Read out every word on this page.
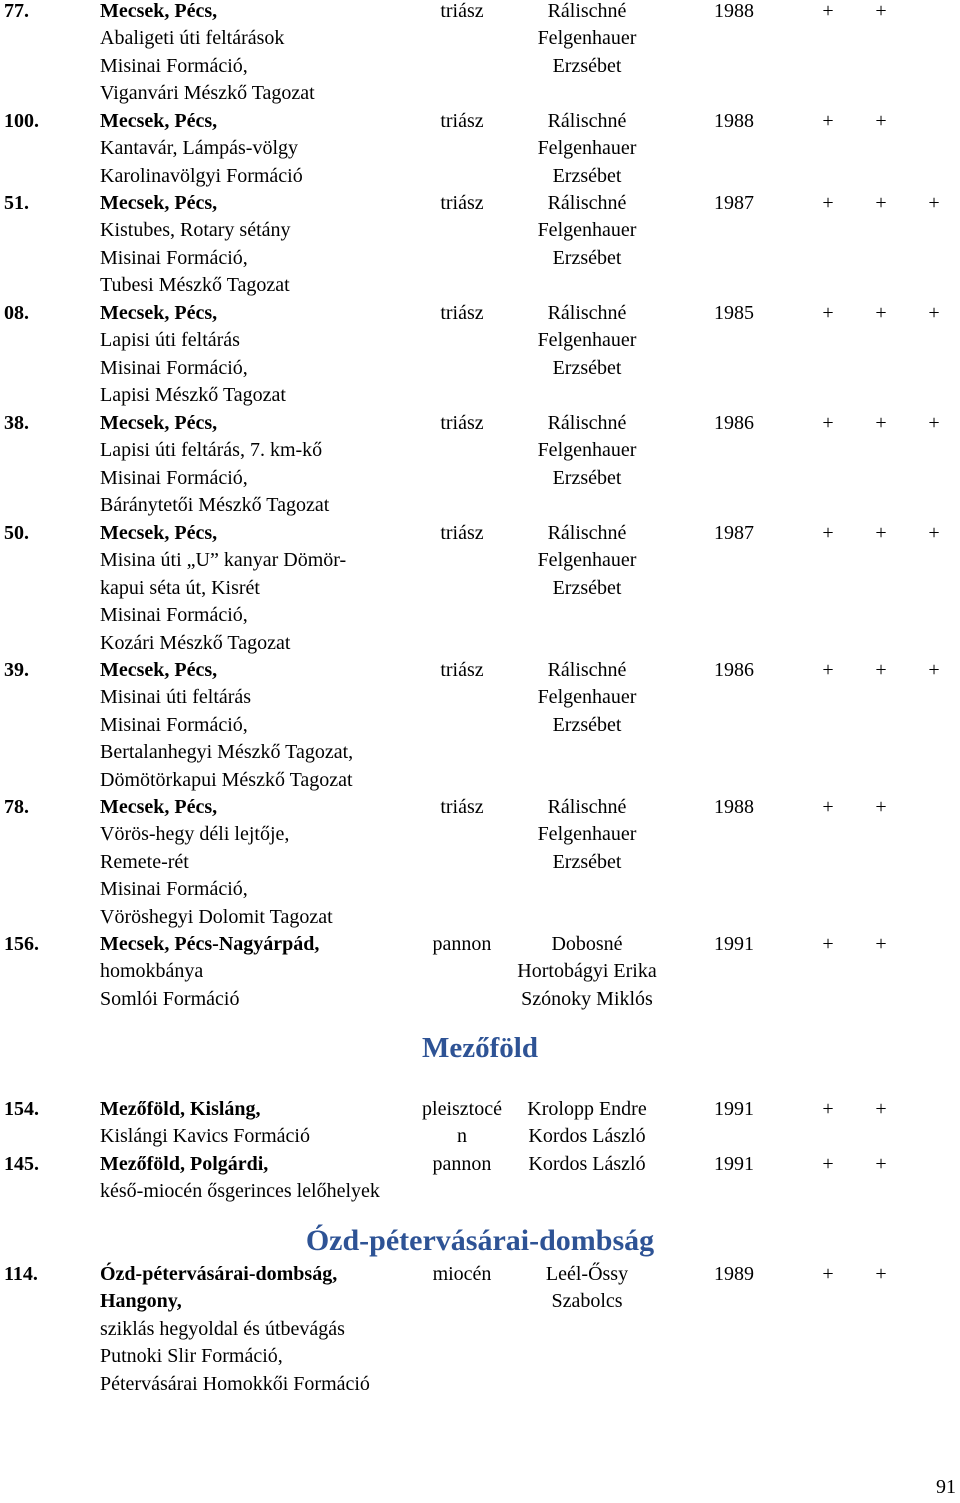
77.	Mecsek, Pécs,
Abaligeti úti feltárások
Misinai Formáció,
Viganvári Mészkő Tagozat
triász	Rálischné
Felgenhauer
Erzsébet
1988	+	+
100.	Mecsek, Pécs,
Kantavár, Lámpás-völgy
Karolinavölgyi Formáció
triász	Rálischné
Felgenhauer
Erzsébet
1988	+	+
51.	Mecsek, Pécs,
Kistubes, Rotary sétány
Misinai Formáció,
Tubesi Mészkő Tagozat
triász	Rálischné
Felgenhauer
Erzsébet
1987	+	+	+
08.	Mecsek, Pécs,
Lapisi úti feltárás
Misinai Formáció,
Lapisi Mészkő Tagozat
triász	Rálischné
Felgenhauer
Erzsébet
1985	+	+	+
38.	Mecsek, Pécs,
Lapisi úti feltárás, 7. km-kő
Misinai Formáció,
Báránytetői Mészkő Tagozat
triász	Rálischné
Felgenhauer
Erzsébet
1986	+	+	+
50.	Mecsek, Pécs,
Misina úti „U” kanyar Dömör-
kapui séta út, Kisrét
Misinai Formáció,
Kozári Mészkő Tagozat
triász	Rálischné
Felgenhauer
Erzsébet
1987	+	+	+
39.	Mecsek, Pécs,
Misinai úti feltárás
Misinai Formáció,
Bertalanhegyi Mészkő Tagozat,
Dömötörkapui Mészkő Tagozat
triász	Rálischné
Felgenhauer
Erzsébet
1986	+	+	+
78.	Mecsek, Pécs,
Vörös-hegy déli lejtője,
Remete-rét
Misinai Formáció,
Vöröshegyi Dolomit Tagozat
triász	Rálischné
Felgenhauer
Erzsébet
1988	+	+
156.	Mecsek, Pécs-Nagyárpád,
homokbánya
Somlói Formáció
pannon	Dobosné
Hortobágyi Erika
Szónoky Miklós
1991	+	+
Mezőföld
154.	Mezőföld, Kisláng,
Kislángi Kavics Formáció
pleisztocé
n
Krolopp Endre
Kordos László
1991	+	+
145.	Mezőföld, Polgárdi,
késő-miocén ősgerinces lelőhelyek
pannon	Kordos László	1991	+	+
Ózd-pétervásárai-dombság
114.	Ózd-pétervásárai-dombság,
Hangony,
sziklás hegyoldal és útbevágás
Putnoki Slir Formáció,
Pétervásárai Homokkői Formáció
miocén	Leél-Őssy
Szabolcs
1989	+	+
91
